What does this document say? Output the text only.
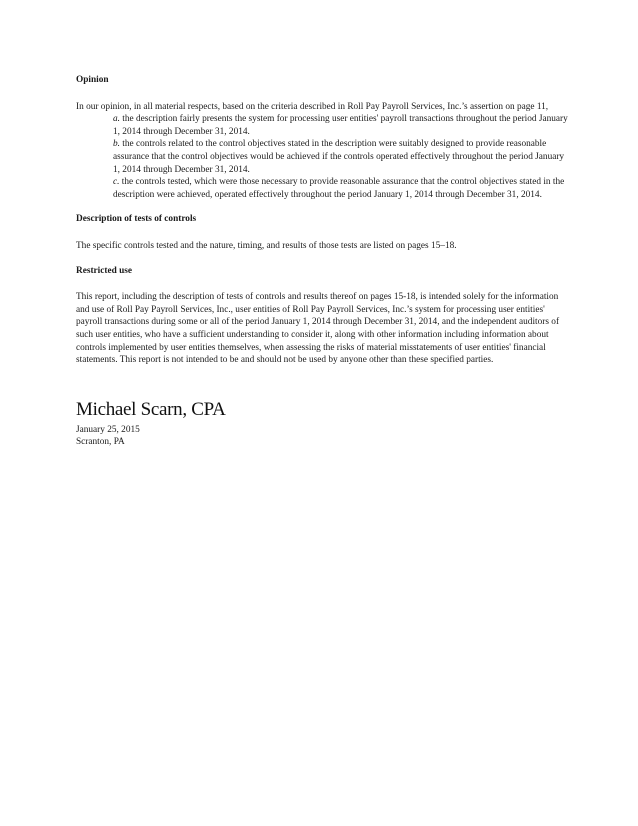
Opinion

In our opinion, in all material respects, based on the criteria described in Roll Pay Payroll Services, Inc.’s assertion on page 11,

a. the description fairly presents the system for processing user entities' payroll transactions throughout the period January 1, 2014 through December 31, 2014.

b. the controls related to the control objectives stated in the description were suitably designed to provide reasonable assurance that the control objectives would be achieved if the controls operated effectively throughout the period January 1, 2014 through December 31, 2014.

c. the controls tested, which were those necessary to provide reasonable assurance that the control objectives stated in the description were achieved, operated effectively throughout the period January 1, 2014 through December 31, 2014.

Description of tests of controls

The specific controls tested and the nature, timing, and results of those tests are listed on pages 15–18.

Restricted use

This report, including the description of tests of controls and results thereof on pages 15-18, is intended solely for the information and use of Roll Pay Payroll Services, Inc., user entities of Roll Pay Payroll Services, Inc.’s system for processing user entities' payroll transactions during some or all of the period January 1, 2014 through December 31, 2014, and the independent auditors of such user entities, who have a sufficient understanding to consider it, along with other information including information about controls implemented by user entities themselves, when assessing the risks of material misstatements of user entities' financial statements. This report is not intended to be and should not be used by anyone other than these specified parties.

Michael Scarn, CPA
January 25, 2015
Scranton, PA
